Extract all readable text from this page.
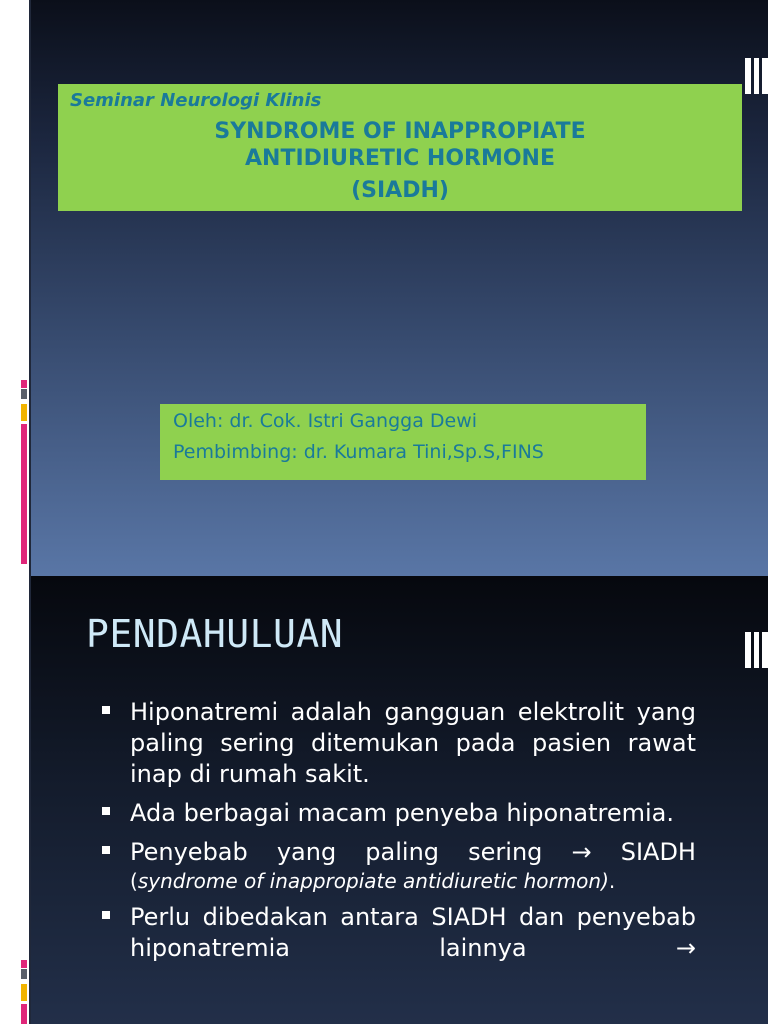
Seminar Neurologi Klinis
SYNDROME OF INAPPROPIATE
ANTIDIURETIC HORMONE
(SIADH)
Oleh: dr. Cok. Istri Gangga Dewi
Pembimbing: dr. Kumara Tini,Sp.S,FINS
PENDAHULUAN
Hiponatremi adalah gangguan elektrolit yang paling sering ditemukan pada pasien rawat inap di rumah sakit.
Ada berbagai macam penyeba hiponatremia.
Penyebab yang paling sering → SIADH
(syndrome of inappropiate antidiuretic hormon).
Perlu dibedakan antara SIADH dan penyebab hiponatremia lainnya →
